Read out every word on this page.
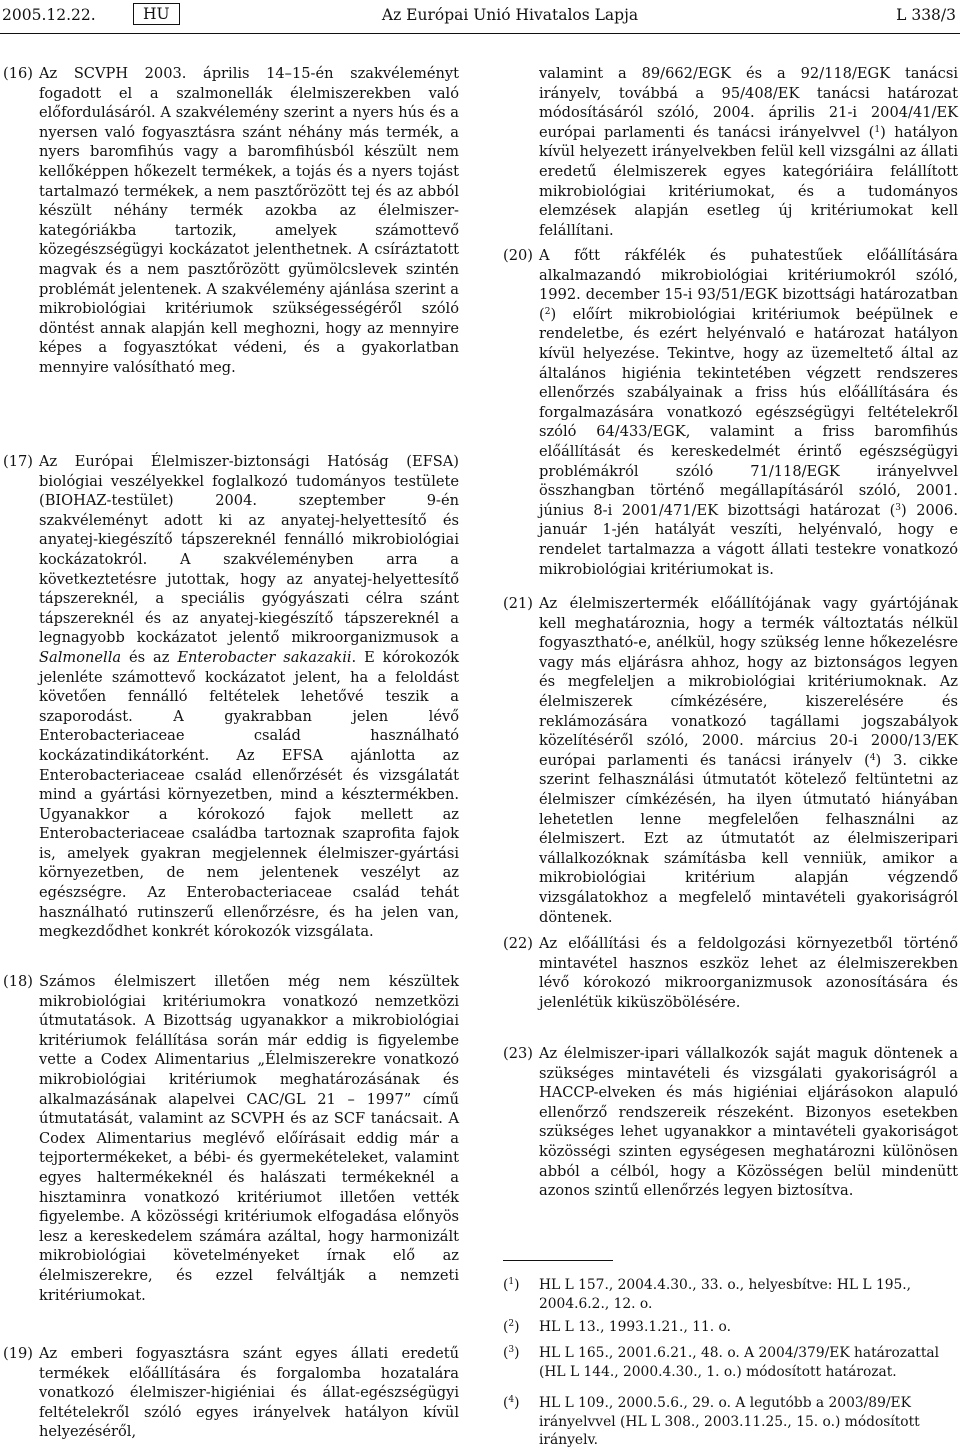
2005.12.22.	HU	Az Európai Unió Hivatalos Lapja	L 338/3
(16) Az SCVPH 2003. április 14–15-én szakvéleményt fogadott el a szalmonellák élelmiszerekben való előfordulásáról. A szakvélemény szerint a nyers hús és a nyersen való fogyasztásra szánt néhány más termék, a nyers baromfihús vagy a baromfihúsból készült nem kellőképpen hőkezelt termékek, a tojás és a nyers tojást tartalmazó termékek, a nem pasztőrözött tej és az abból készült néhány termék azokba az élelmiszer-kategóriákba tartozik, amelyek számottevő közegészségügyi kockázatot jelenthetnek. A csíráztatott magvak és a nem pasztőrözött gyümölcslevek szintén problémát jelentenek. A szakvélemény ajánlása szerint a mikrobiológiai kritériumok szükségességéről szóló döntést annak alapján kell meghozni, hogy az mennyire képes a fogyasztókat védeni, és a gyakorlatban mennyire valósítható meg.
(17) Az Európai Élelmiszer-biztonsági Hatóság (EFSA) biológiai veszélyekkel foglalkozó tudományos testülete (BIOHAZ-testület) 2004. szeptember 9-én szakvéleményt adott ki az anyatej-helyettesítő és anyatej-kiegészítő tápszereknél fennálló mikrobiológiai kockázatokról. A szakvéleményben arra a következtetésre jutottak, hogy az anyatej-helyettesítő tápszereknél, a speciális gyógyászati célra szánt tápszereknél és az anyatej-kiegészítő tápszereknél a legnagyobb kockázatot jelentő mikroorganizmusok a Salmonella és az Enterobacter sakazakii. E kórokozók jelenléte számottevő kockázatot jelent, ha a feloldást követően fennálló feltételek lehetővé teszik a szaporodást. A gyakrabban jelen lévő Enterobacteriaceae család használható kockázatindikátorként. Az EFSA ajánlotta az Enterobacteriaceae család ellenőrzését és vizsgálatát mind a gyártási környezetben, mind a késztermékben. Ugyanakkor a kórokozó fajok mellett az Enterobacteriaceae családba tartoznak szaprofita fajok is, amelyek gyakran megjelennek élelmiszer-gyártási környezetben, de nem jelentenek veszélyt az egészségre. Az Enterobacteriaceae család tehát használható rutinszerű ellenőrzésre, és ha jelen van, megkezdődhet konkrét kórokozók vizsgálata.
(18) Számos élelmiszert illetően még nem készültek mikrobiológiai kritériumokra vonatkozó nemzetközi útmutatások. A Bizottság ugyanakkor a mikrobiológiai kritériumok felállítása során már eddig is figyelembe vette a Codex Alimentarius „Élelmiszerekre vonatkozó mikrobiológiai kritériumok meghatározásának és alkalmazásának alapelvei CAC/GL 21 – 1997” című útmutatását, valamint az SCVPH és az SCF tanácsait. A Codex Alimentarius meglévő előírásait eddig már a tejportermékeket, a bébi- és gyermekételeket, valamint egyes haltermékeknél és halászati termékeknél a hisztaminra vonatkozó kritériumot illetően vették figyelembe. A közösségi kritériumok elfogadása előnyös lesz a kereskedelem számára azáltal, hogy harmonizált mikrobiológiai követelményeket írnak elő az élelmiszerekre, és ezzel felváltják a nemzeti kritériumokat.
(19) Az emberi fogyasztásra szánt egyes állati eredetű termékek előállítására és forgalomba hozatalára vonatkozó élelmiszer-higiéniai és állat-egészségügyi feltételekről szóló egyes irányelvek hatályon kívül helyezéséről,
valamint a 89/662/EGK és a 92/118/EGK tanácsi irányelv, továbbá a 95/408/EK tanácsi határozat módosításáról szóló, 2004. április 21-i 2004/41/EK európai parlamenti és tanácsi irányelvvel ($^1$) hatályon kívül helyezett irányelvekben felül kell vizsgálni az állati eredetű élelmiszerek egyes kategóriáira felállított mikrobiológiai kritériumokat, és a tudományos elemzések alapján esetleg új kritériumokat kell felállítani.
(20) A főtt rákfélék és puhatestűek előállítására alkalmazandó mikrobiológiai kritériumokról szóló, 1992. december 15-i 93/51/EGK bizottsági határozatban ($^2$) előírt mikrobiológiai kritériumok beépülnek e rendeletbe, és ezért helyénvaló e határozat hatályon kívül helyezése. Tekintve, hogy az üzemeltető által az általános higiénia tekintetében végzett rendszeres ellenőrzés szabályainak a friss hús előállítására és forgalmazására vonatkozó egészségügyi feltételekről szóló 64/433/EGK, valamint a friss baromfihús előállítását és kereskedelmét érintő egészségügyi problémákról szóló 71/118/EGK irányelvvel összhangban történő megállapításáról szóló, 2001. június 8-i 2001/471/EK bizottsági határozat ($^3$) 2006. január 1-jén hatályát veszíti, helyénvaló, hogy e rendelet tartalmazza a vágott állati testekre vonatkozó mikrobiológiai kritériumokat is.
(21) Az élelmiszertermék előállítójának vagy gyártójának kell meghatároznia, hogy a termék változtatás nélkül fogyasztható-e, anélkül, hogy szükség lenne hőkezelésre vagy más eljárásra ahhoz, hogy az biztonságos legyen és megfeleljen a mikrobiológiai kritériumoknak. Az élelmiszerek címkézésére, kiszerelésére és reklámozására vonatkozó tagállami jogszabályok közelítéséről szóló, 2000. március 20-i 2000/13/EK európai parlamenti és tanácsi irányelv ($^4$) 3. cikke szerint felhasználási útmutatót kötelező feltüntetni az élelmiszer címkézésén, ha ilyen útmutató hiányában lehetetlen lenne megfelelően felhasználni az élelmiszert. Ezt az útmutatót az élelmiszeripari vállalkozóknak számításba kell venniük, amikor a mikrobiológiai kritérium alapján végzendő vizsgálatokhoz a megfelelő mintavételi gyakoriságról döntenek.
(22) Az előállítási és a feldolgozási környezetből történő mintavétel hasznos eszköz lehet az élelmiszerekben lévő kórokozó mikroorganizmusok azonosítására és jelenlétük kiküszöbölésére.
(23) Az élelmiszer-ipari vállalkozók saját maguk döntenek a szükséges mintavételi és vizsgálati gyakoriságról a HACCP-elveken és más higiéniai eljárásokon alapuló ellenőrző rendszereik részeként. Bizonyos esetekben szükséges lehet ugyanakkor a mintavételi gyakoriságot közösségi szinten egységesen meghatározni különösen abból a célból, hogy a Közösségen belül mindenütt azonos szintű ellenőrzés legyen biztosítva.
($^1$) HL L 157., 2004.4.30., 33. o., helyesbítve: HL L 195., 2004.6.2., 12. o.
($^2$) HL L 13., 1993.1.21., 11. o.
($^3$) HL L 165., 2001.6.21., 48. o. A 2004/379/EK határozattal (HL L 144., 2000.4.30., 1. o.) módosított határozat.
($^4$) HL L 109., 2000.5.6., 29. o. A legutóbb a 2003/89/EK irányelvvel (HL L 308., 2003.11.25., 15. o.) módosított irányelv.
